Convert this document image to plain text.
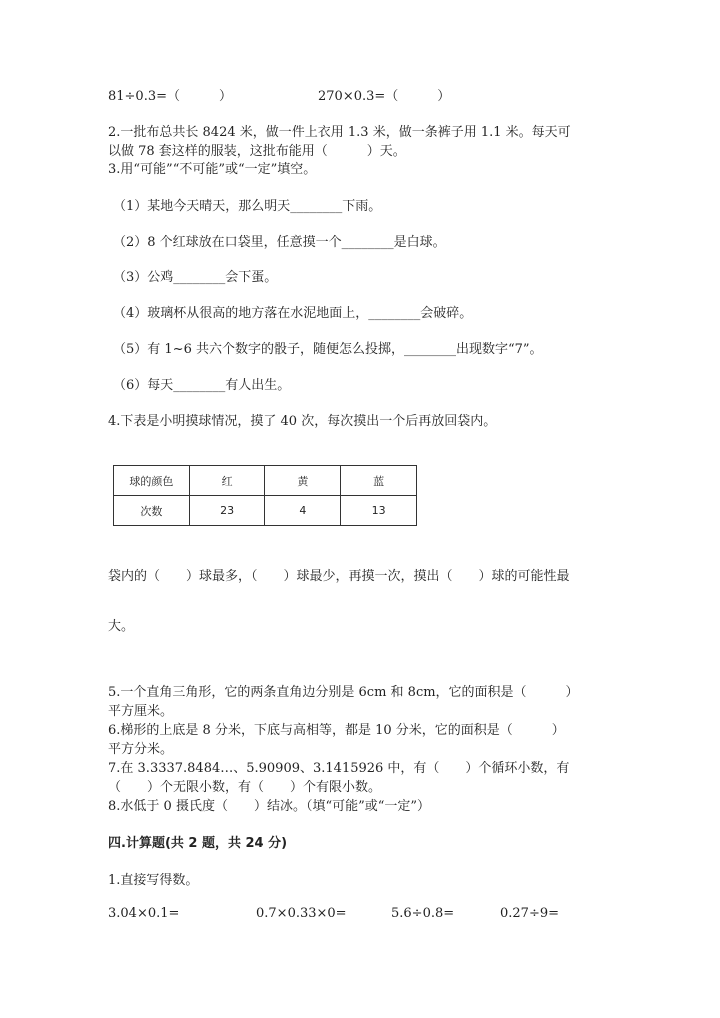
81÷0.3=（　　　）	270×0.3=（　　　）
2.一批布总共长 8424 米，做一件上衣用 1.3 米，做一条裤子用 1.1 米。每天可
以做 78 套这样的服装，这批布能用（　　　）天。
3.用“可能”“不可能”或“一定”填空。
（1）某地今天晴天，那么明天________下雨。
（2）8 个红球放在口袋里，任意摸一个________是白球。
（3）公鸡________会下蛋。
（4）玻璃杯从很高的地方落在水泥地面上，________会破碎。
（5）有 1~6 共六个数字的骰子，随便怎么投掷，________出现数字“7”。
（6）每天________有人出生。
4.下表是小明摸球情况，摸了 40 次，每次摸出一个后再放回袋内。
球的颜色	红	黄	蓝
次数	23	4	13
袋内的（　　）球最多，（　　）球最少，再摸一次，摸出（　　）球的可能性最
大。
5.一个直角三角形，它的两条直角边分别是 6cm 和 8cm，它的面积是（　　　）
平方厘米。
6.梯形的上底是 8 分米，下底与高相等，都是 10 分米，它的面积是（　　　）
平方分米。
7.在 3.3337.8484…、5.90909、3.1415926 中，有（　　）个循环小数，有
（　　）个无限小数，有（　　）个有限小数。
8.水低于 0 摄氏度（　　）结冰。（填“可能”或“一定”）
四.计算题(共 2 题，共 24 分)
1.直接写得数。
3.04×0.1=	0.7×0.33×0=	5.6÷0.8=	0.27÷9=
